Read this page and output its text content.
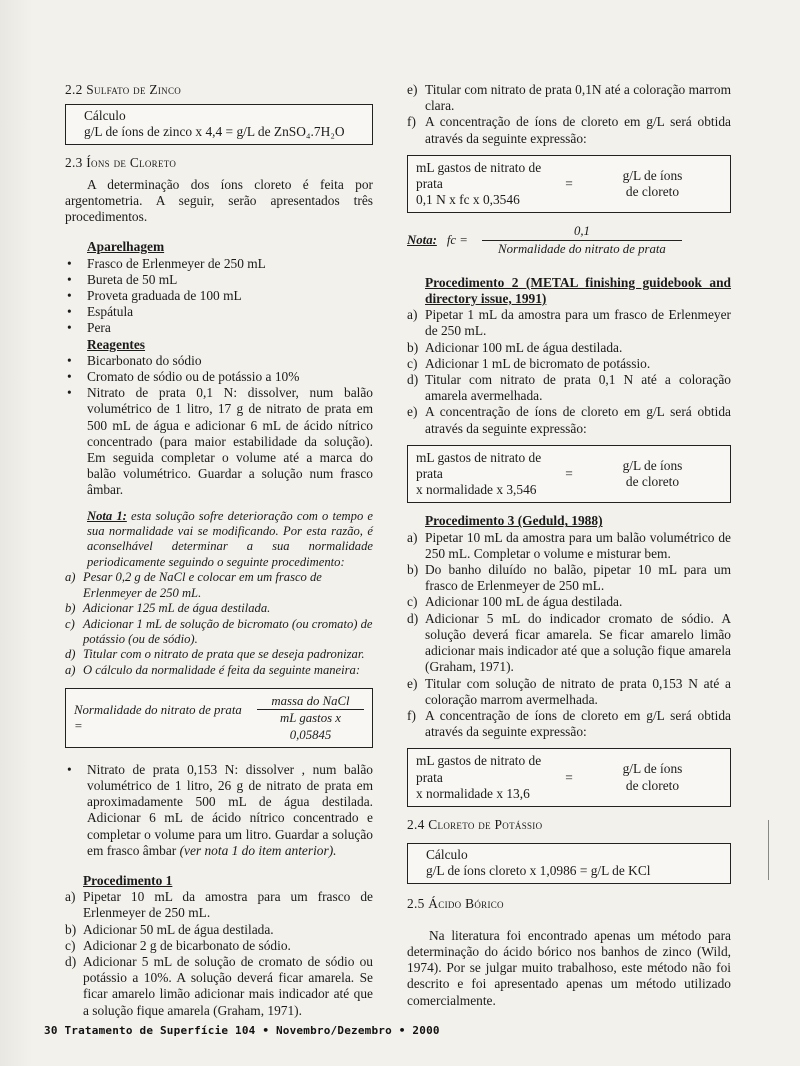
2.2 Sulfato de Zinco
Cálculo
g/L de íons de zinco x 4,4 = g/L de ZnSO₄.7H₂O
2.3 Íons de Cloreto
A determinação dos íons cloreto é feita por argentometria. A seguir, serão apresentados três procedimentos.
Aparelhagem
• Frasco de Erlenmeyer de 250 mL
• Bureta de 50 mL
• Proveta graduada de 100 mL
• Espátula
• Pera
Reagentes
• Bicarbonato do sódio
• Cromato de sódio ou de potássio a 10%
• Nitrato de prata 0,1 N: dissolver, num balão volumétrico de 1 litro, 17 g de nitrato de prata em 500 mL de água e adicionar 6 mL de ácido nítrico concentrado (para maior estabilidade da solução). Em seguida completar o volume até a marca do balão volumétrico. Guardar a solução num frasco âmbar.
Nota 1: esta solução sofre deterioração com o tempo e sua normalidade vai se modificando. Por esta razão, é aconselhável determinar a sua normalidade periodicamente seguindo o seguinte procedimento:
a) Pesar 0,2 g de NaCl e colocar em um frasco de Erlenmeyer de 250 mL.
b) Adicionar 125 mL de água destilada.
c) Adicionar 1 mL de solução de bicromato (ou cromato) de potássio (ou de sódio).
d) Titular com o nitrato de prata que se deseja padronizar.
a) O cálculo da normalidade é feita da seguinte maneira:
Normalidade do nitrato de prata =	$\frac{\text{massa do NaCl}}{\text{mL gastos x 0,05845}}$
• Nitrato de prata 0,153 N: dissolver , num balão volumétrico de 1 litro, 26 g de nitrato de prata em aproximadamente 500 mL de água destilada. Adicionar 6 mL de ácido nítrico concentrado e completar o volume para um litro. Guardar a solução em frasco âmbar (ver nota 1 do item anterior).
Procedimento 1
a) Pipetar 10 mL da amostra para um frasco de Erlenmeyer de 250 mL.
b) Adicionar 50 mL de água destilada.
c) Adicionar 2 g de bicarbonato de sódio.
d) Adicionar 5 mL de solução de cromato de sódio ou potássio a 10%. A solução deverá ficar amarela. Se ficar amarelo limão adicionar mais indicador até que a solução fique amarela (Graham, 1971).
e) Titular com nitrato de prata 0,1N até a coloração marrom clara.
f) A concentração de íons de cloreto em g/L será obtida através da seguinte expressão:
mL gastos de nitrato de prata
0,1 N x fc x 0,3546
=
g/L de íons
de cloreto
Nota: fc = $\frac{0,1}{\text{Normalidade do nitrato de prata}}$
Procedimento 2 (METAL finishing guidebook and directory issue, 1991)
a) Pipetar 1 mL da amostra para um frasco de Erlenmeyer de 250 mL.
b) Adicionar 100 mL de água destilada.
c) Adicionar 1 mL de bicromato de potássio.
d) Titular com nitrato de prata 0,1 N até a coloração amarela avermelhada.
e) A concentração de íons de cloreto em g/L será obtida através da seguinte expressão:
mL gastos de nitrato de prata
x normalidade x 3,546
=
g/L de íons
de cloreto
Procedimento 3 (Geduld, 1988)
a) Pipetar 10 mL da amostra para um balão volumétrico de 250 mL. Completar o volume e misturar bem.
b) Do banho diluído no balão, pipetar 10 mL para um frasco de Erlenmeyer de 250 mL.
c) Adicionar 100 mL de água destilada.
d) Adicionar 5 mL do indicador cromato de sódio. A solução deverá ficar amarela. Se ficar amarelo limão adicionar mais indicador até que a solução fique amarela (Graham, 1971).
e) Titular com solução de nitrato de prata 0,153 N até a coloração marrom avermelhada.
f) A concentração de íons de cloreto em g/L será obtida através da seguinte expressão:
mL gastos de nitrato de prata
x normalidade x 13,6
=
g/L de íons
de cloreto
2.4 Cloreto de Potássio
Cálculo
g/L de íons cloreto x 1,0986 = g/L de KCl
2.5 Ácido Bórico
Na literatura foi encontrado apenas um método para determinação do ácido bórico nos banhos de zinco (Wild, 1974). Por se julgar muito trabalhoso, este método não foi descrito e foi apresentado apenas um método utilizado comercialmente.
30 Tratamento de Superfície 104 • Novembro/Dezembro • 2000
